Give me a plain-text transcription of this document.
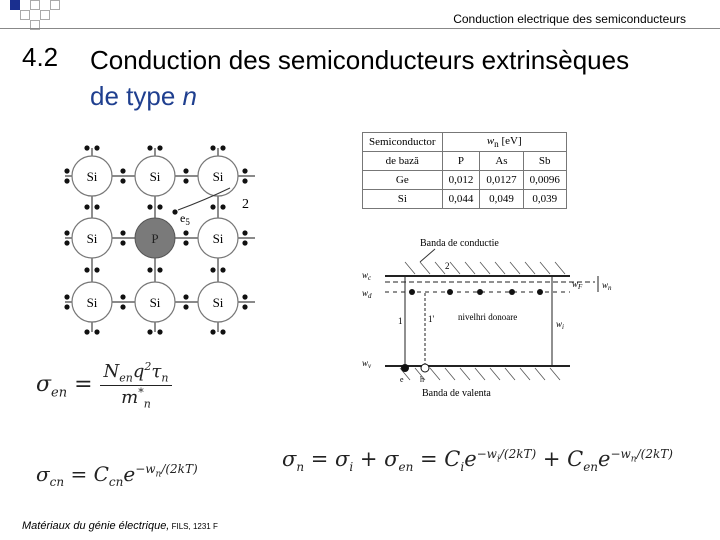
Conduction electrique des semiconducteurs
4.2 Conduction des semiconducteurs extrinsèques
de type n
Si	Si	Si
Si	P	Si
Si	Si	Si
$e_5$
2
Semiconductor	$w_n$ [eV]		
de bază	P	As	Sb
Ge	0,012	0,0127	0,0096
Si	0,044	0,049	0,039
Banda de conductie
$w_c$
$w_d$
$w_v$
$w_F$ $w_n$
$w_i$
1	1'
2
nivelhri donoare
e h
Banda de valenta
$\sigma_{en}$ =
$N_{en}q^2\tau_n$
$m^*_n$
$\sigma_{cn} = C_{cn}e^{-w_n/(2kT)}$	$\sigma_n = \sigma_i + \sigma_{en} = C_ie^{-w_i/(2kT)} + C_{en}e^{-w_n/(2kT)}$
Matériaux du génie électrique, FILS, 1231 F
